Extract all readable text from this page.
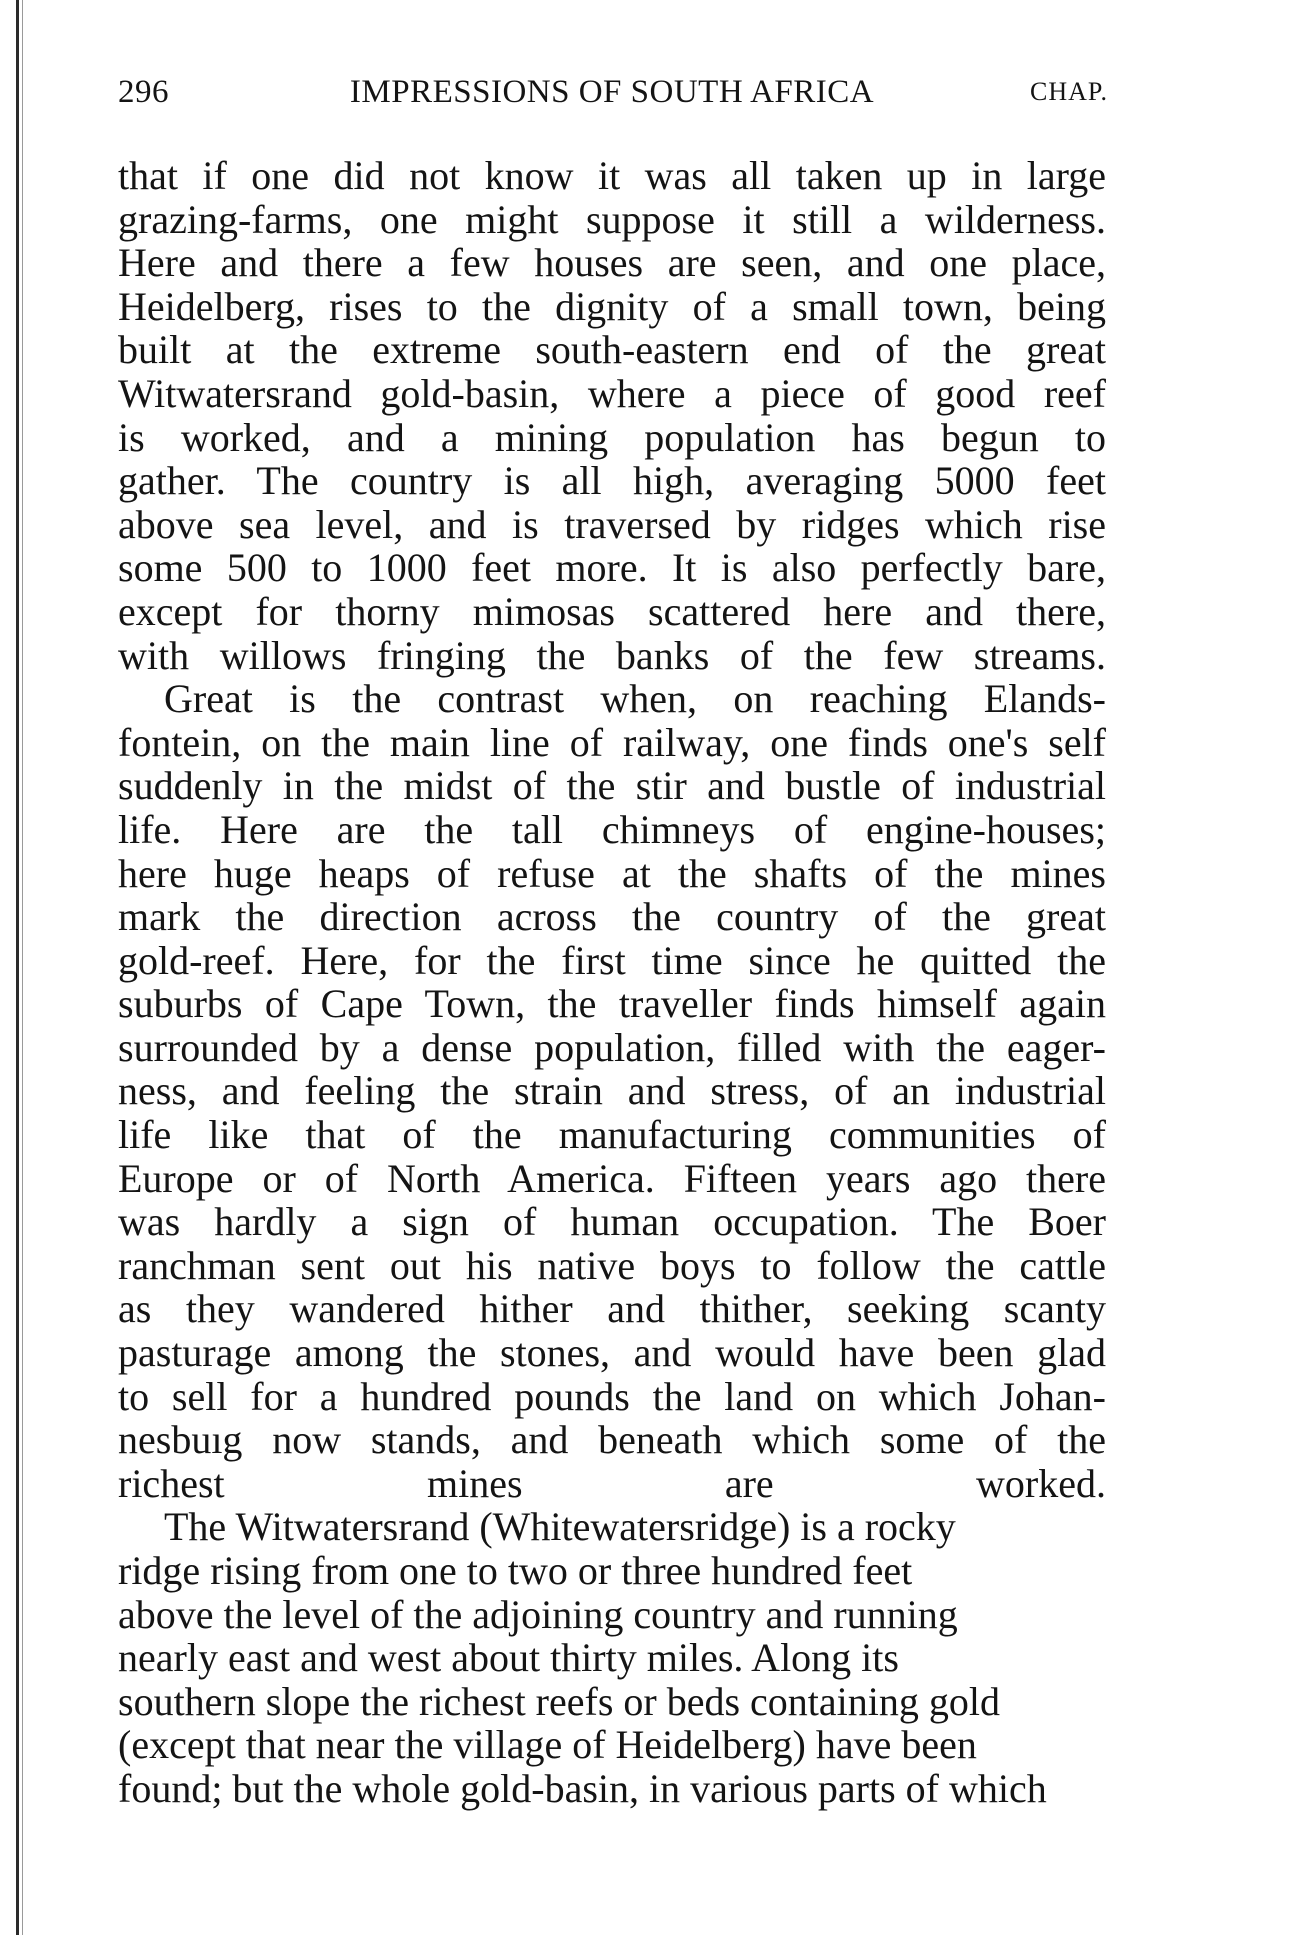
296	IMPRESSIONS OF SOUTH AFRICA	CHAP.

that if one did not know it was all taken up in large
grazing-farms, one might suppose it still a wilderness.
Here and there a few houses are seen, and one place,
Heidelberg, rises to the dignity of a small town, being
built at the extreme south-eastern end of the great
Witwatersrand gold-basin, where a piece of good reef
is worked, and a mining population has begun to
gather. The country is all high, averaging 5000 feet
above sea level, and is traversed by ridges which rise
some 500 to 1000 feet more. It is also perfectly bare,
except for thorny mimosas scattered here and there,
with willows fringing the banks of the few streams.

Great is the contrast when, on reaching Elands-
fontein, on the main line of railway, one finds one's self
suddenly in the midst of the stir and bustle of industrial
life. Here are the tall chimneys of engine-houses;
here huge heaps of refuse at the shafts of the mines
mark the direction across the country of the great
gold-reef. Here, for the first time since he quitted the
suburbs of Cape Town, the traveller finds himself again
surrounded by a dense population, filled with the eager-
ness, and feeling the strain and stress, of an industrial
life like that of the manufacturing communities of
Europe or of North America. Fifteen years ago there
was hardly a sign of human occupation. The Boer
ranchman sent out his native boys to follow the cattle
as they wandered hither and thither, seeking scanty
pasturage among the stones, and would have been glad
to sell for a hundred pounds the land on which Johan-
nesbuıg now stands, and beneath which some of the
richest mines are worked.

The Witwatersrand (Whitewatersridge) is a rocky
ridge rising from one to two or three hundred feet
above the level of the adjoining country and running
nearly east and west about thirty miles. Along its
southern slope the richest reefs or beds containing gold
(except that near the village of Heidelberg) have been
found; but the whole gold-basin, in various parts of which
